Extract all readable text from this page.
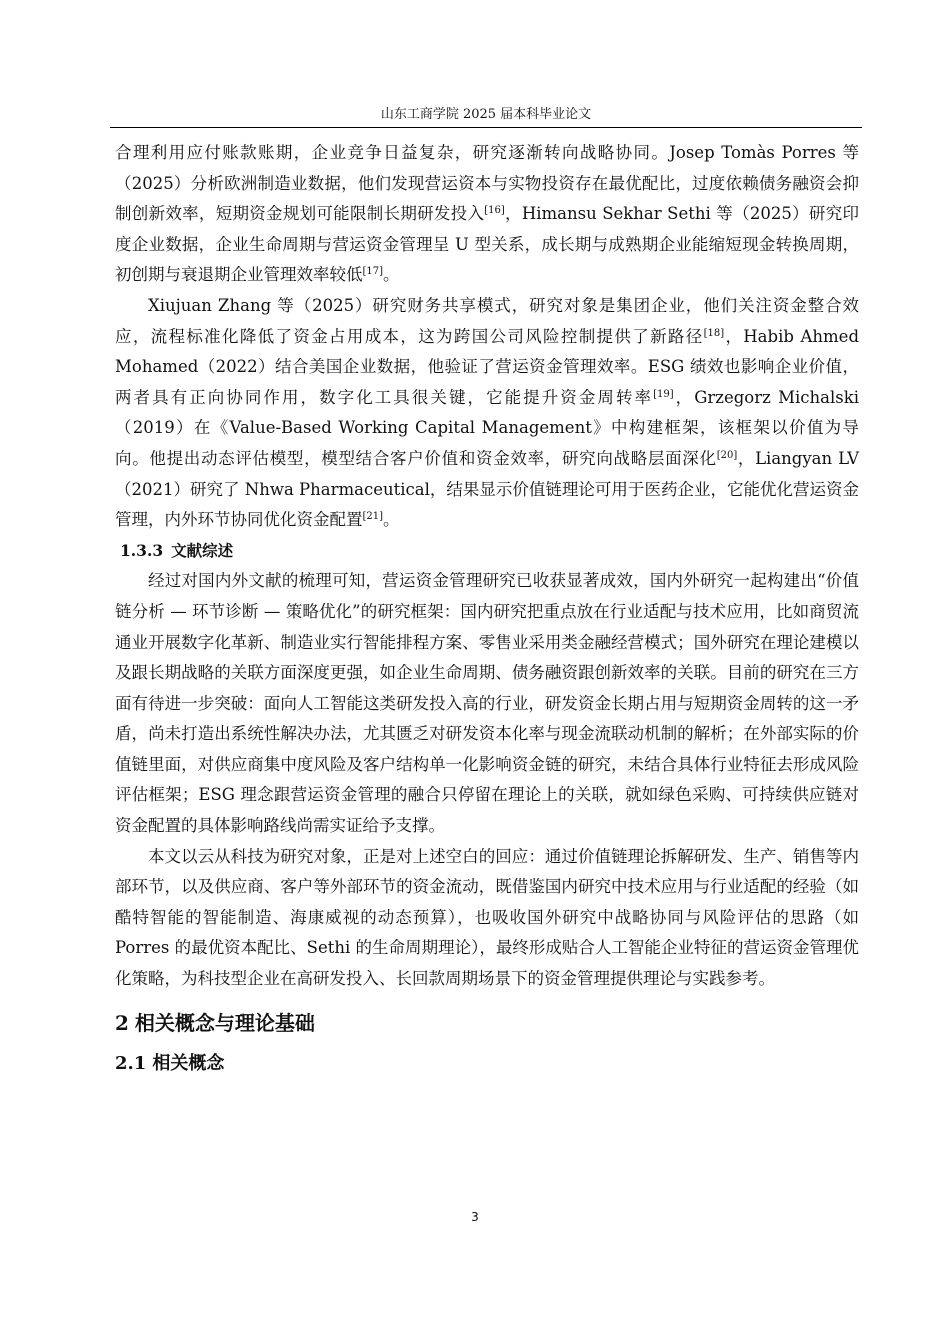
山东工商学院 2025 届本科毕业论文

合理利用应付账款账期，企业竞争日益复杂，研究逐渐转向战略协同。Josep Tomàs Porres 等（2025）分析欧洲制造业数据，他们发现营运资本与实物投资存在最优配比，过度依赖债务融资会抑制创新效率，短期资金规划可能限制长期研发投入[16]，Himansu Sekhar Sethi 等（2025）研究印度企业数据，企业生命周期与营运资金管理呈 U 型关系，成长期与成熟期企业能缩短现金转换周期，初创期与衰退期企业管理效率较低[17]。

Xiujuan Zhang 等（2025）研究财务共享模式，研究对象是集团企业，他们关注资金整合效应，流程标准化降低了资金占用成本，这为跨国公司风险控制提供了新路径[18]，Habib Ahmed Mohamed（2022）结合美国企业数据，他验证了营运资金管理效率。ESG 绩效也影响企业价值，两者具有正向协同作用，数字化工具很关键，它能提升资金周转率[19]，Grzegorz Michalski（2019）在《Value-Based Working Capital Management》中构建框架，该框架以价值为导向。他提出动态评估模型，模型结合客户价值和资金效率，研究向战略层面深化[20]，Liangyan LV（2021）研究了 Nhwa Pharmaceutical，结果显示价值链理论可用于医药企业，它能优化营运资金管理，内外环节协同优化资金配置[21]。

1.3.3 文献综述

经过对国内外文献的梳理可知，营运资金管理研究已收获显著成效，国内外研究一起构建出“价值链分析 — 环节诊断 — 策略优化”的研究框架：国内研究把重点放在行业适配与技术应用，比如商贸流通业开展数字化革新、制造业实行智能排程方案、零售业采用类金融经营模式；国外研究在理论建模以及跟长期战略的关联方面深度更强，如企业生命周期、债务融资跟创新效率的关联。目前的研究在三方面有待进一步突破：面向人工智能这类研发投入高的行业，研发资金长期占用与短期资金周转的这一矛盾，尚未打造出系统性解决办法，尤其匮乏对研发资本化率与现金流联动机制的解析；在外部实际的价值链里面，对供应商集中度风险及客户结构单一化影响资金链的研究，未结合具体行业特征去形成风险评估框架；ESG 理念跟营运资金管理的融合只停留在理论上的关联，就如绿色采购、可持续供应链对资金配置的具体影响路线尚需实证给予支撑。

本文以云从科技为研究对象，正是对上述空白的回应：通过价值链理论拆解研发、生产、销售等内部环节，以及供应商、客户等外部环节的资金流动，既借鉴国内研究中技术应用与行业适配的经验（如酷特智能的智能制造、海康威视的动态预算），也吸收国外研究中战略协同与风险评估的思路（如 Porres 的最优资本配比、Sethi 的生命周期理论），最终形成贴合人工智能企业特征的营运资金管理优化策略，为科技型企业在高研发投入、长回款周期场景下的资金管理提供理论与实践参考。

2 相关概念与理论基础
2.1 相关概念
3
